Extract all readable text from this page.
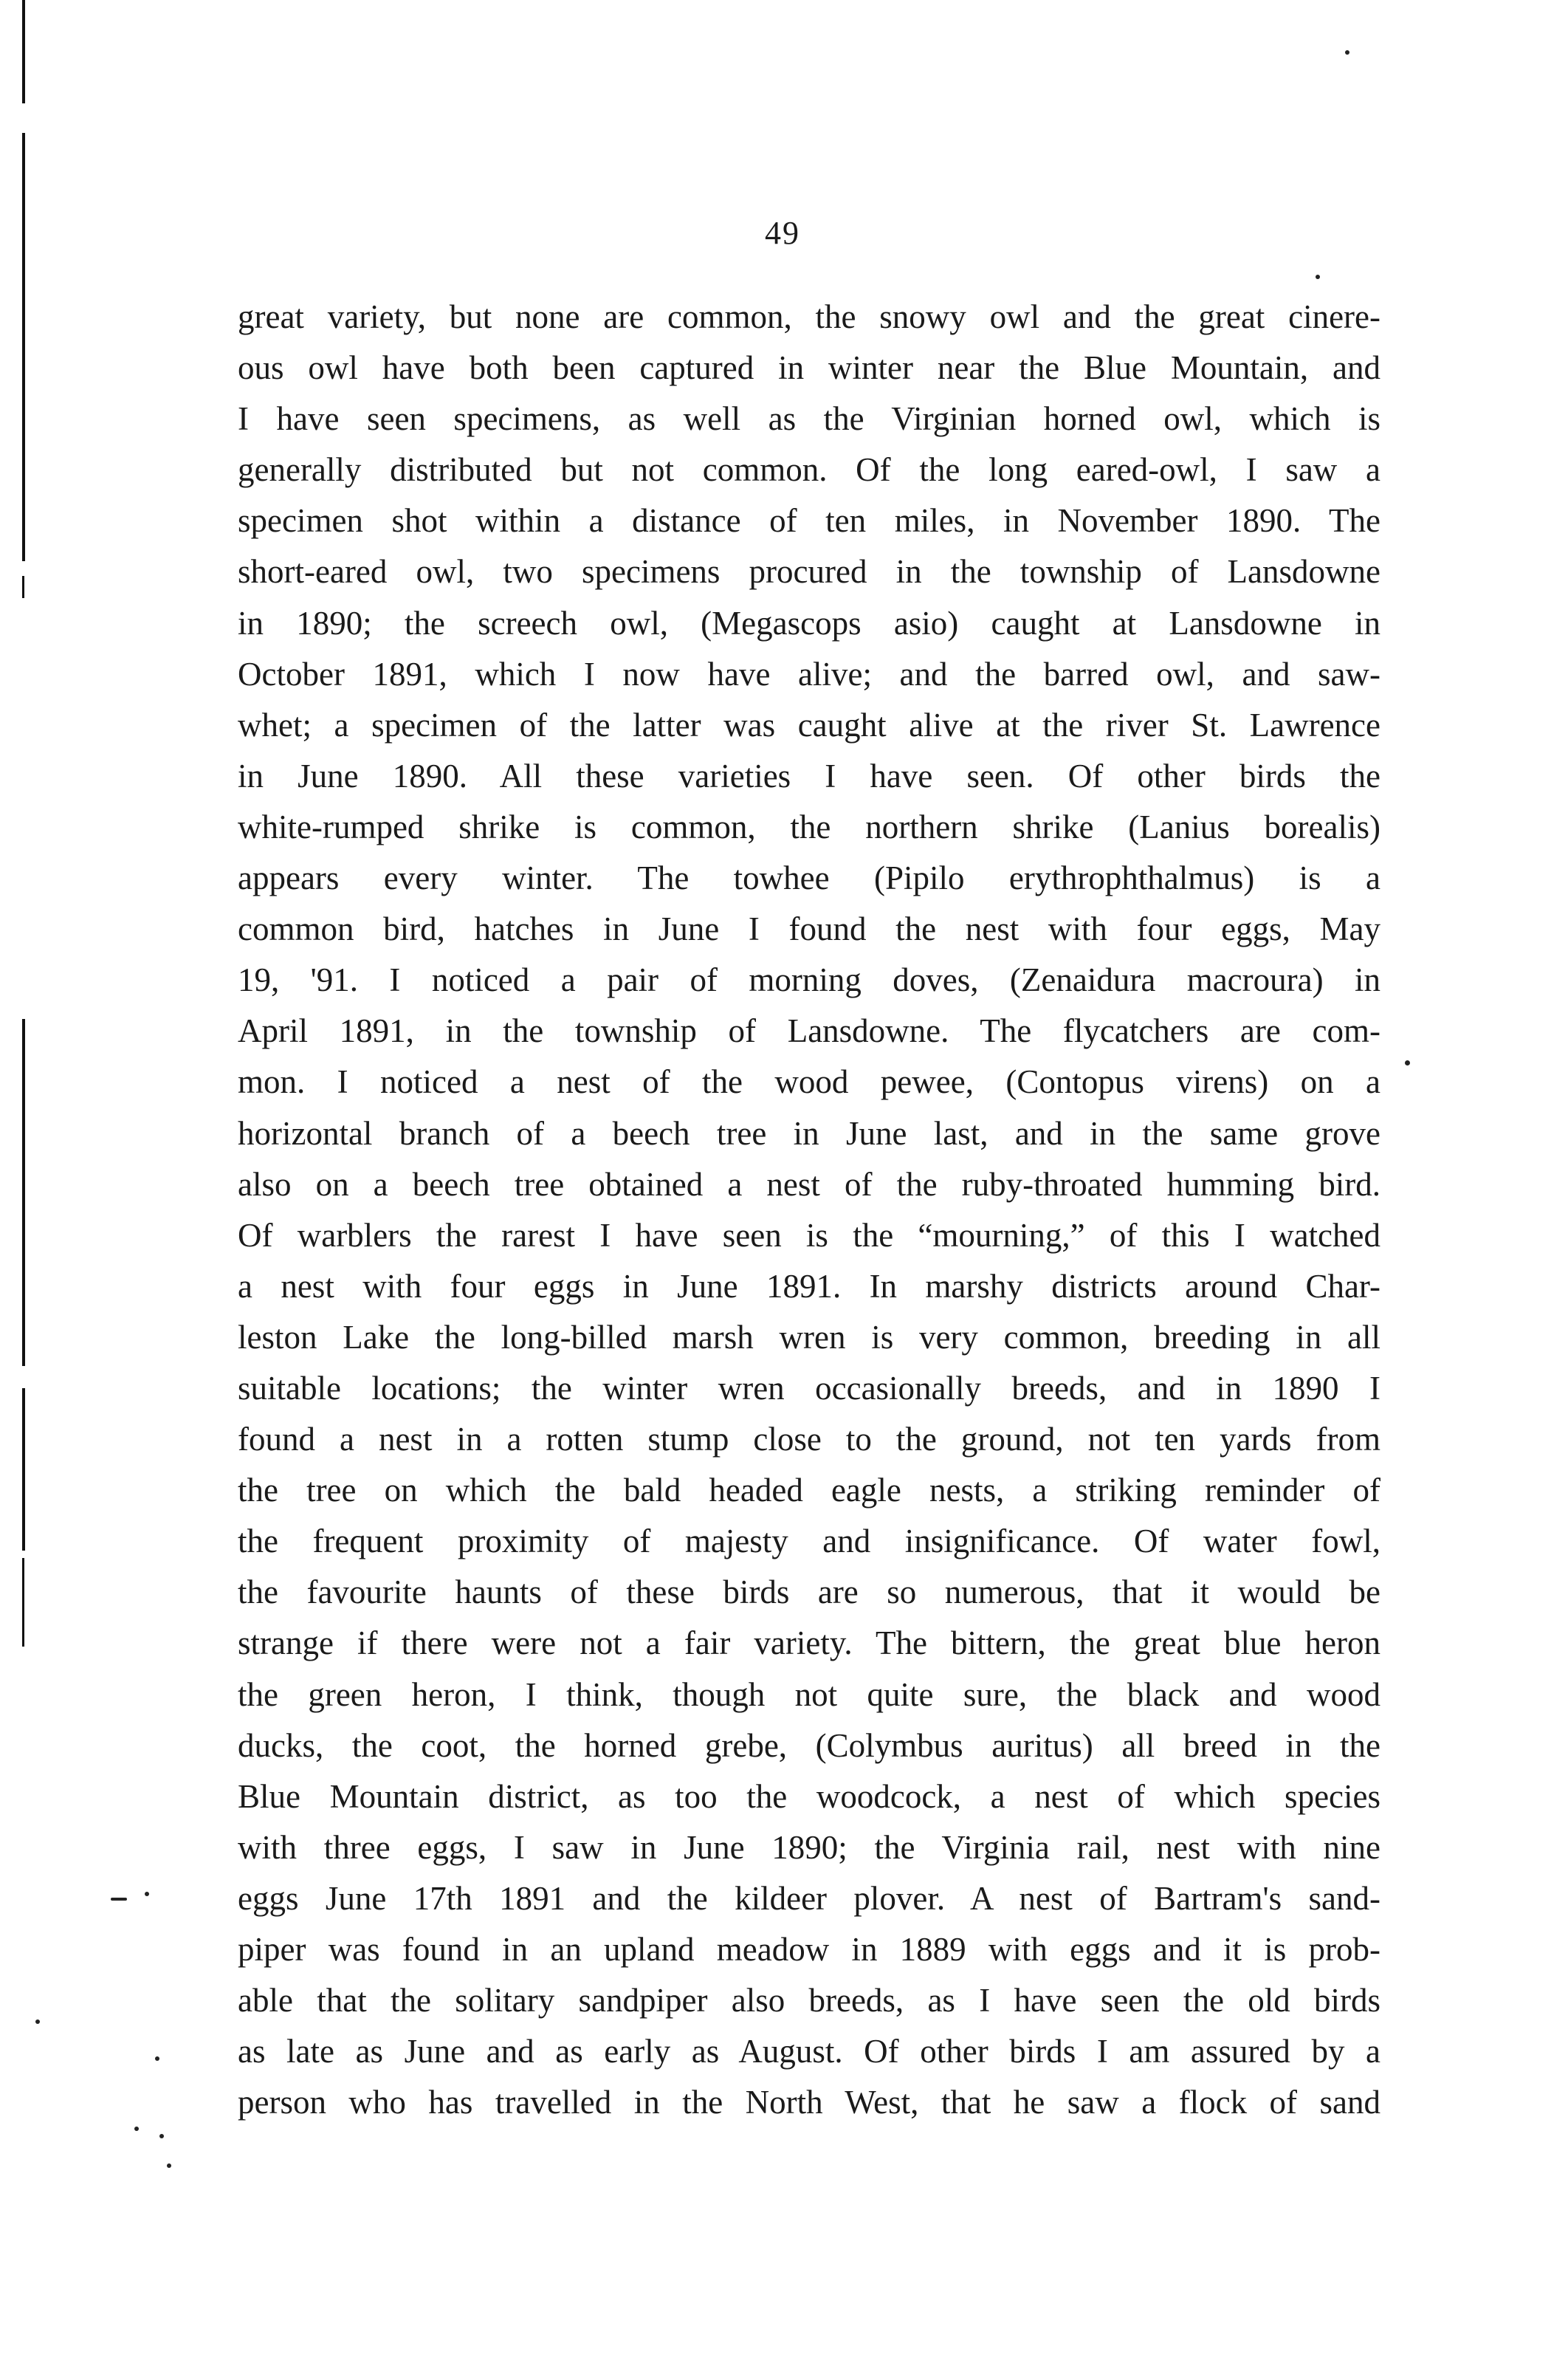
49
great variety, but none are common, the snowy owl and the great cinere-
ous owl have both been captured in winter near the Blue Mountain, and
I have seen specimens, as well as the Virginian horned owl, which is
generally distributed but not common. Of the long eared-owl, I saw a
specimen shot within a distance of ten miles, in November 1890. The
short-eared owl, two specimens procured in the township of Lansdowne
in 1890; the screech owl, (Megascops asio) caught at Lansdowne in
October 1891, which I now have alive; and the barred owl, and saw-
whet; a specimen of the latter was caught alive at the river St. Lawrence
in June 1890. All these varieties I have seen. Of other birds the
white-rumped shrike is common, the northern shrike (Lanius borealis)
appears every winter. The towhee (Pipilo erythrophthalmus) is a
common bird, hatches in June I found the nest with four eggs, May
19, '91. I noticed a pair of morning doves, (Zenaidura macroura) in
April 1891, in the township of Lansdowne. The flycatchers are com-
mon. I noticed a nest of the wood pewee, (Contopus virens) on a
horizontal branch of a beech tree in June last, and in the same grove
also on a beech tree obtained a nest of the ruby-throated humming bird.
Of warblers the rarest I have seen is the “mourning,” of this I watched
a nest with four eggs in June 1891. In marshy districts around Char-
leston Lake the long-billed marsh wren is very common, breeding in all
suitable locations; the winter wren occasionally breeds, and in 1890 I
found a nest in a rotten stump close to the ground, not ten yards from
the tree on which the bald headed eagle nests, a striking reminder of
the frequent proximity of majesty and insignificance. Of water fowl,
the favourite haunts of these birds are so numerous, that it would be
strange if there were not a fair variety. The bittern, the great blue heron
the green heron, I think, though not quite sure, the black and wood
ducks, the coot, the horned grebe, (Colymbus auritus) all breed in the
Blue Mountain district, as too the woodcock, a nest of which species
with three eggs, I saw in June 1890; the Virginia rail, nest with nine
eggs June 17th 1891 and the kildeer plover. A nest of Bartram's sand-
piper was found in an upland meadow in 1889 with eggs and it is prob-
able that the solitary sandpiper also breeds, as I have seen the old birds
as late as June and as early as August. Of other birds I am assured by a
person who has travelled in the North West, that he saw a flock of sand
